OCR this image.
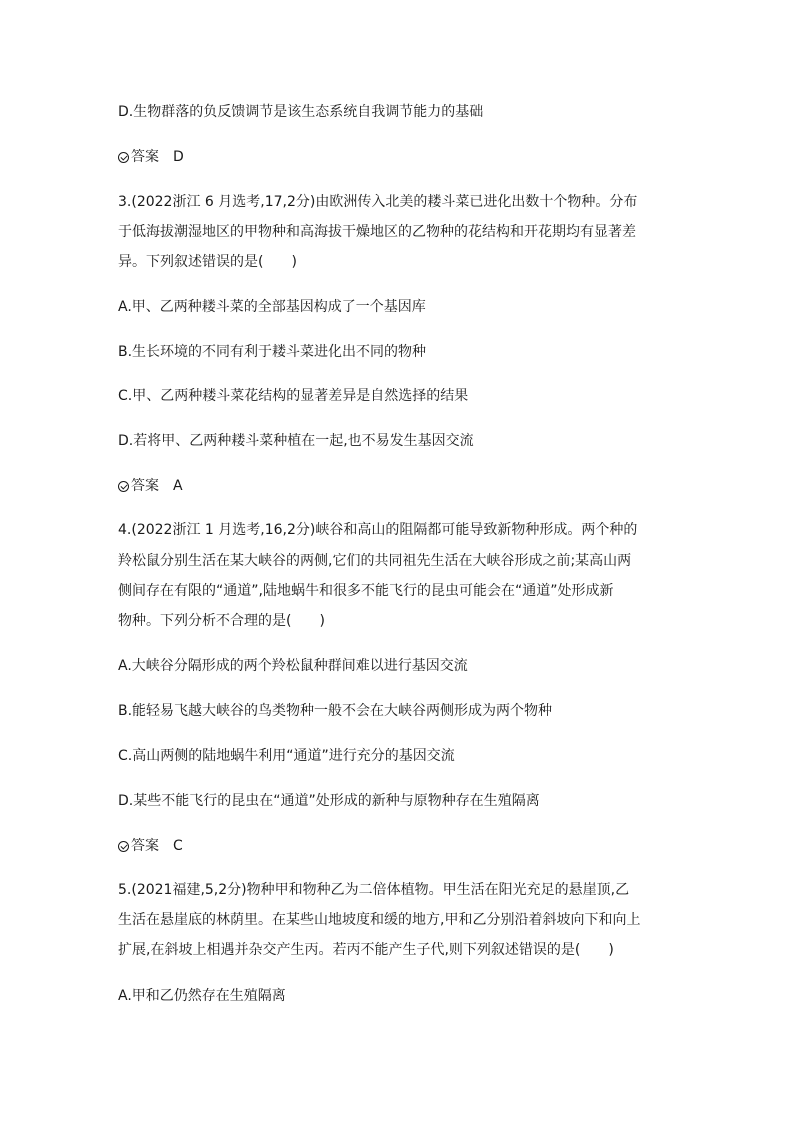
D.生物群落的负反馈调节是该生态系统自我调节能力的基础
答案 D
3.(2022浙江 6 月选考,17,2分)由欧洲传入北美的耧斗菜已进化出数十个物种。分布
于低海拔潮湿地区的甲物种和高海拔干燥地区的乙物种的花结构和开花期均有显著差
异。下列叙述错误的是(　　)
A.甲、乙两种耧斗菜的全部基因构成了一个基因库
B.生长环境的不同有利于耧斗菜进化出不同的物种
C.甲、乙两种耧斗菜花结构的显著差异是自然选择的结果
D.若将甲、乙两种耧斗菜种植在一起,也不易发生基因交流
答案 A
4.(2022浙江 1 月选考,16,2分)峡谷和高山的阻隔都可能导致新物种形成。两个种的
羚松鼠分别生活在某大峡谷的两侧,它们的共同祖先生活在大峡谷形成之前;某高山两
侧间存在有限的“通道”,陆地蜗牛和很多不能飞行的昆虫可能会在“通道”处形成新
物种。下列分析不合理的是(　　)
A.大峡谷分隔形成的两个羚松鼠种群间难以进行基因交流
B.能轻易飞越大峡谷的鸟类物种一般不会在大峡谷两侧形成为两个物种
C.高山两侧的陆地蜗牛利用“通道”进行充分的基因交流
D.某些不能飞行的昆虫在“通道”处形成的新种与原物种存在生殖隔离
答案 C
5.(2021福建,5,2分)物种甲和物种乙为二倍体植物。甲生活在阳光充足的悬崖顶,乙
生活在悬崖底的林荫里。在某些山地坡度和缓的地方,甲和乙分别沿着斜坡向下和向上
扩展,在斜坡上相遇并杂交产生丙。若丙不能产生子代,则下列叙述错误的是(　　)
A.甲和乙仍然存在生殖隔离
